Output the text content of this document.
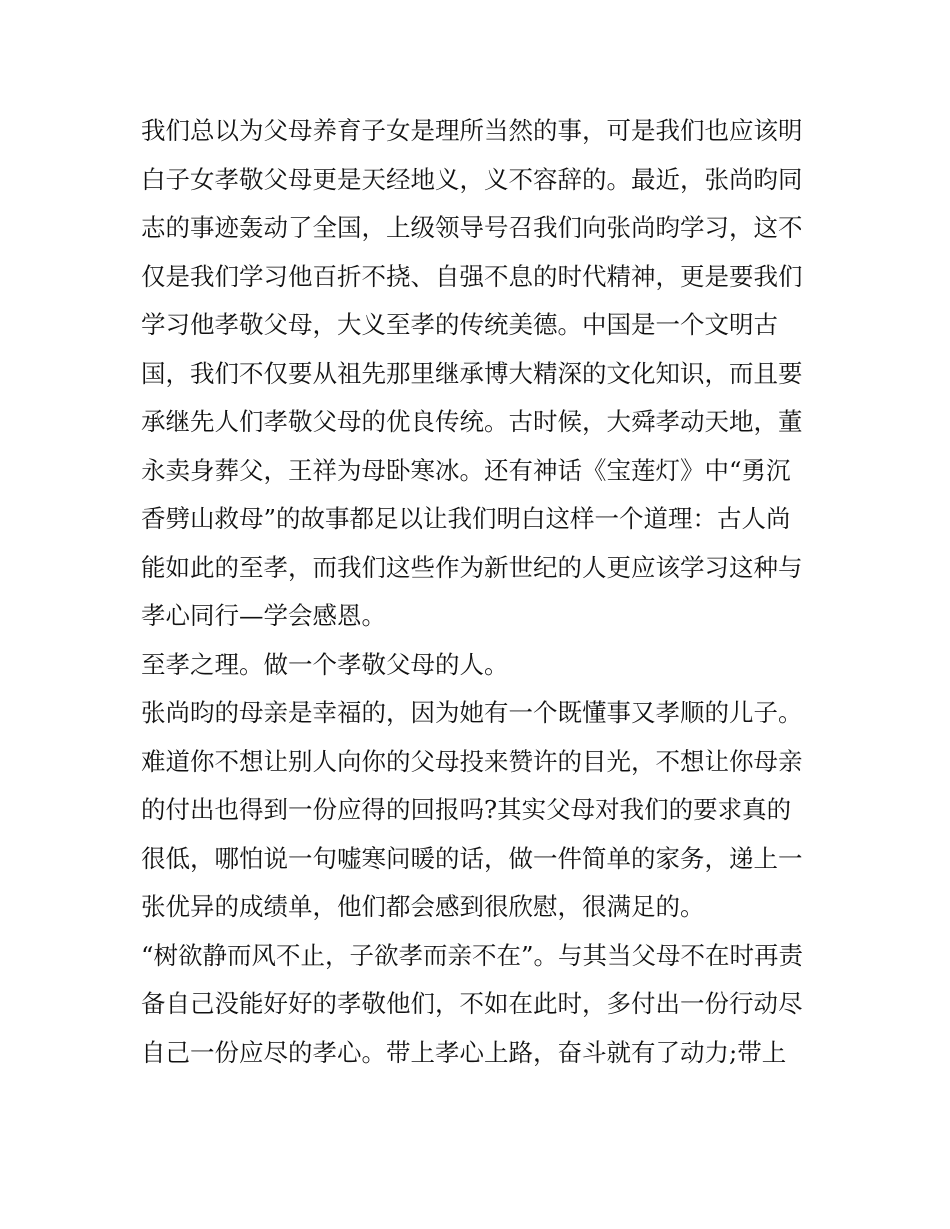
我们总以为父母养育子女是理所当然的事，可是我们也应该明
白子女孝敬父母更是天经地义，义不容辞的。最近，张尚昀同
志的事迹轰动了全国，上级领导号召我们向张尚昀学习，这不
仅是我们学习他百折不挠、自强不息的时代精神，更是要我们
学习他孝敬父母，大义至孝的传统美德。中国是一个文明古
国，我们不仅要从祖先那里继承博大精深的文化知识，而且要
承继先人们孝敬父母的优良传统。古时候，大舜孝动天地，董
永卖身葬父，王祥为母卧寒冰。还有神话《宝莲灯》中“勇沉
香劈山救母”的故事都足以让我们明白这样一个道理：古人尚
能如此的至孝，而我们这些作为新世纪的人更应该学习这种与
孝心同行—学会感恩。
至孝之理。做一个孝敬父母的人。
张尚昀的母亲是幸福的，因为她有一个既懂事又孝顺的儿子。
难道你不想让别人向你的父母投来赞许的目光，不想让你母亲
的付出也得到一份应得的回报吗?其实父母对我们的要求真的
很低，哪怕说一句嘘寒问暖的话，做一件简单的家务，递上一
张优异的成绩单，他们都会感到很欣慰，很满足的。
“树欲静而风不止，子欲孝而亲不在”。与其当父母不在时再责
备自己没能好好的孝敬他们，不如在此时，多付出一份行动尽
自己一份应尽的孝心。带上孝心上路，奋斗就有了动力;带上
